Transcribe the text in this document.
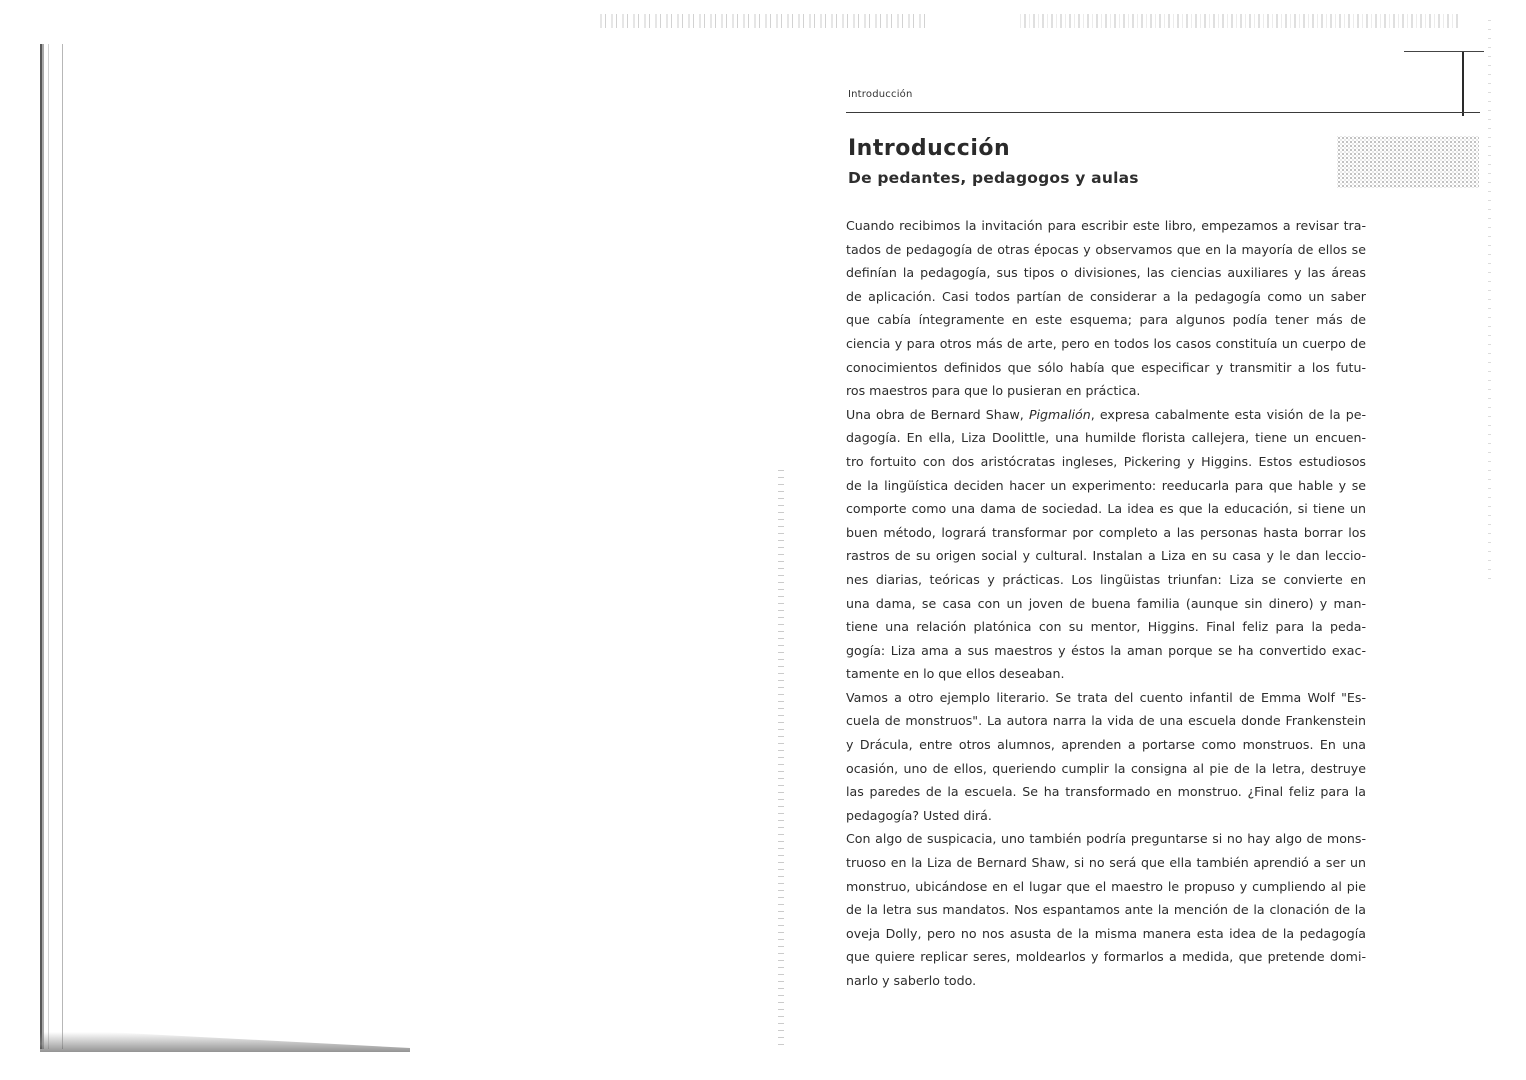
Introducción
Introducción
De pedantes, pedagogos y aulas
Cuando recibimos la invitación para escribir este libro, empezamos a revisar tra-
tados de pedagogía de otras épocas y observamos que en la mayoría de ellos se
definían la pedagogía, sus tipos o divisiones, las ciencias auxiliares y las áreas
de aplicación. Casi todos partían de considerar a la pedagogía como un saber
que cabía íntegramente en este esquema; para algunos podía tener más de
ciencia y para otros más de arte, pero en todos los casos constituía un cuerpo de
conocimientos definidos que sólo había que especificar y transmitir a los futu-
ros maestros para que lo pusieran en práctica.
Una obra de Bernard Shaw, Pigmalión, expresa cabalmente esta visión de la pe-
dagogía. En ella, Liza Doolittle, una humilde florista callejera, tiene un encuen-
tro fortuito con dos aristócratas ingleses, Pickering y Higgins. Estos estudiosos
de la lingüística deciden hacer un experimento: reeducarla para que hable y se
comporte como una dama de sociedad. La idea es que la educación, si tiene un
buen método, logrará transformar por completo a las personas hasta borrar los
rastros de su origen social y cultural. Instalan a Liza en su casa y le dan leccio-
nes diarias, teóricas y prácticas. Los lingüistas triunfan: Liza se convierte en
una dama, se casa con un joven de buena familia (aunque sin dinero) y man-
tiene una relación platónica con su mentor, Higgins. Final feliz para la peda-
gogía: Liza ama a sus maestros y éstos la aman porque se ha convertido exac-
tamente en lo que ellos deseaban.
Vamos a otro ejemplo literario. Se trata del cuento infantil de Emma Wolf "Es-
cuela de monstruos". La autora narra la vida de una escuela donde Frankenstein
y Drácula, entre otros alumnos, aprenden a portarse como monstruos. En una
ocasión, uno de ellos, queriendo cumplir la consigna al pie de la letra, destruye
las paredes de la escuela. Se ha transformado en monstruo. ¿Final feliz para la
pedagogía? Usted dirá.
Con algo de suspicacia, uno también podría preguntarse si no hay algo de mons-
truoso en la Liza de Bernard Shaw, si no será que ella también aprendió a ser un
monstruo, ubicándose en el lugar que el maestro le propuso y cumpliendo al pie
de la letra sus mandatos. Nos espantamos ante la mención de la clonación de la
oveja Dolly, pero no nos asusta de la misma manera esta idea de la pedagogía
que quiere replicar seres, moldearlos y formarlos a medida, que pretende domi-
narlo y saberlo todo.
